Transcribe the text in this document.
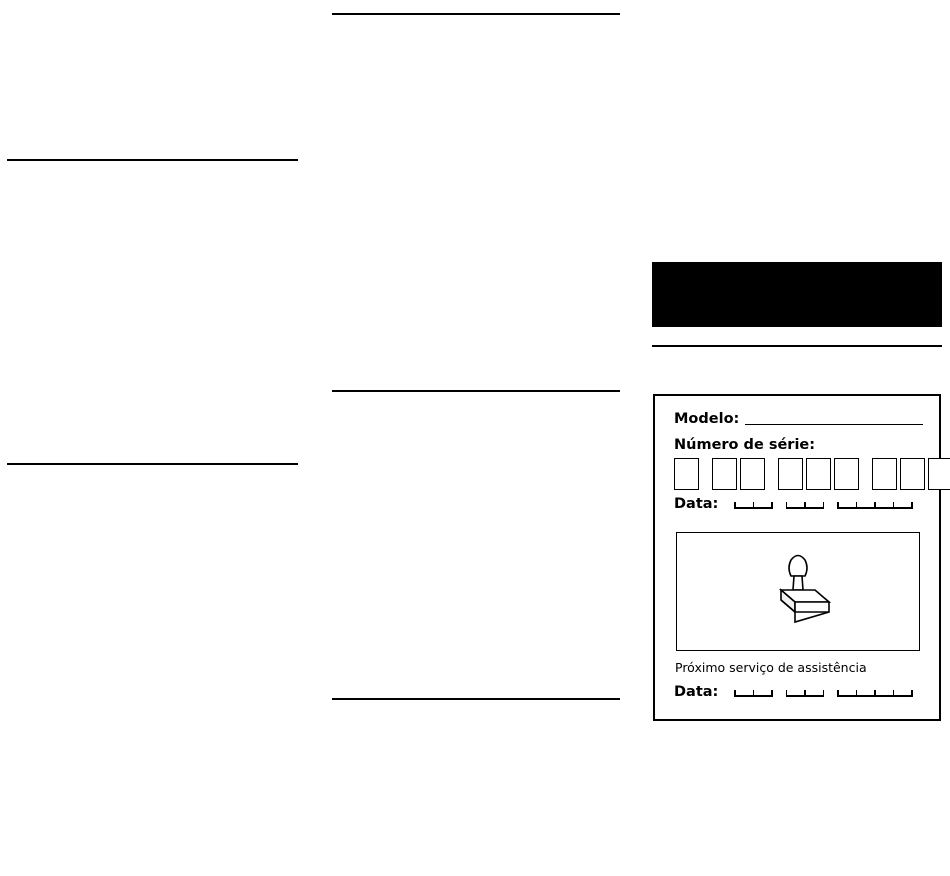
Modelo:
Número de série:
Data:
Próximo serviço de assistência
Data:
